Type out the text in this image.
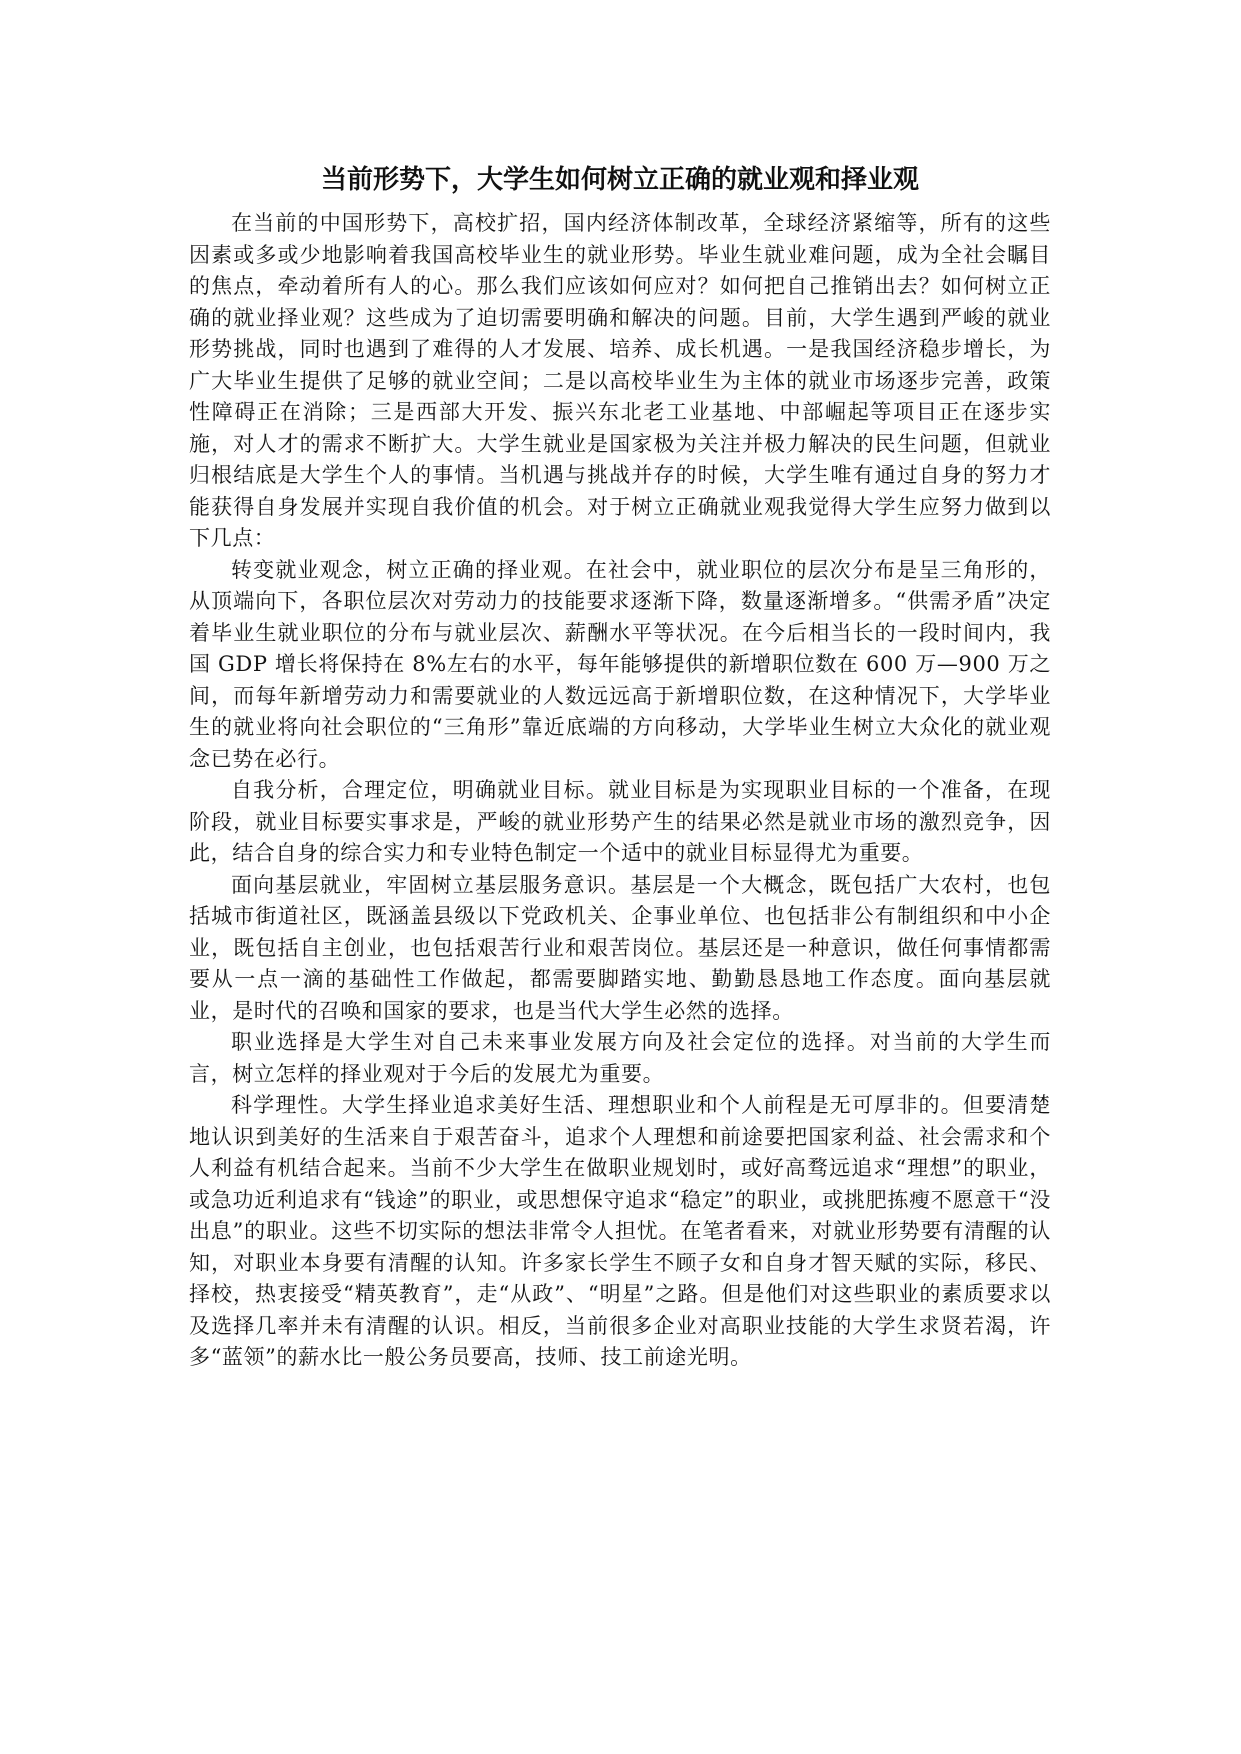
当前形势下，大学生如何树立正确的就业观和择业观

在当前的中国形势下，高校扩招，国内经济体制改革，全球经济紧缩等，所有的这些因素或多或少地影响着我国高校毕业生的就业形势。毕业生就业难问题，成为全社会瞩目的焦点，牵动着所有人的心。那么我们应该如何应对？如何把自己推销出去？如何树立正确的就业择业观？这些成为了迫切需要明确和解决的问题。目前，大学生遇到严峻的就业形势挑战，同时也遇到了难得的人才发展、培养、成长机遇。一是我国经济稳步增长，为广大毕业生提供了足够的就业空间；二是以高校毕业生为主体的就业市场逐步完善，政策性障碍正在消除；三是西部大开发、振兴东北老工业基地、中部崛起等项目正在逐步实施，对人才的需求不断扩大。大学生就业是国家极为关注并极力解决的民生问题，但就业归根结底是大学生个人的事情。当机遇与挑战并存的时候，大学生唯有通过自身的努力才能获得自身发展并实现自我价值的机会。对于树立正确就业观我觉得大学生应努力做到以下几点：

转变就业观念，树立正确的择业观。在社会中，就业职位的层次分布是呈三角形的，从顶端向下，各职位层次对劳动力的技能要求逐渐下降，数量逐渐增多。“供需矛盾”决定着毕业生就业职位的分布与就业层次、薪酬水平等状况。在今后相当长的一段时间内，我国 GDP 增长将保持在 8%左右的水平，每年能够提供的新增职位数在 600 万—900 万之间，而每年新增劳动力和需要就业的人数远远高于新增职位数，在这种情况下，大学毕业生的就业将向社会职位的“三角形”靠近底端的方向移动，大学毕业生树立大众化的就业观念已势在必行。

自我分析，合理定位，明确就业目标。就业目标是为实现职业目标的一个准备，在现阶段，就业目标要实事求是，严峻的就业形势产生的结果必然是就业市场的激烈竞争，因此，结合自身的综合实力和专业特色制定一个适中的就业目标显得尤为重要。

面向基层就业，牢固树立基层服务意识。基层是一个大概念，既包括广大农村，也包括城市街道社区，既涵盖县级以下党政机关、企事业单位、也包括非公有制组织和中小企业，既包括自主创业，也包括艰苦行业和艰苦岗位。基层还是一种意识，做任何事情都需要从一点一滴的基础性工作做起，都需要脚踏实地、勤勤恳恳地工作态度。面向基层就业，是时代的召唤和国家的要求，也是当代大学生必然的选择。

职业选择是大学生对自己未来事业发展方向及社会定位的选择。对当前的大学生而言，树立怎样的择业观对于今后的发展尤为重要。

科学理性。大学生择业追求美好生活、理想职业和个人前程是无可厚非的。但要清楚地认识到美好的生活来自于艰苦奋斗，追求个人理想和前途要把国家利益、社会需求和个人利益有机结合起来。当前不少大学生在做职业规划时，或好高骛远追求“理想”的职业，或急功近利追求有“钱途”的职业，或思想保守追求“稳定”的职业，或挑肥拣瘦不愿意干“没出息”的职业。这些不切实际的想法非常令人担忧。在笔者看来，对就业形势要有清醒的认知，对职业本身要有清醒的认知。许多家长学生不顾子女和自身才智天赋的实际，移民、择校，热衷接受“精英教育”，走“从政”、“明星”之路。但是他们对这些职业的素质要求以及选择几率并未有清醒的认识。相反，当前很多企业对高职业技能的大学生求贤若渴，许多“蓝领”的薪水比一般公务员要高，技师、技工前途光明。
